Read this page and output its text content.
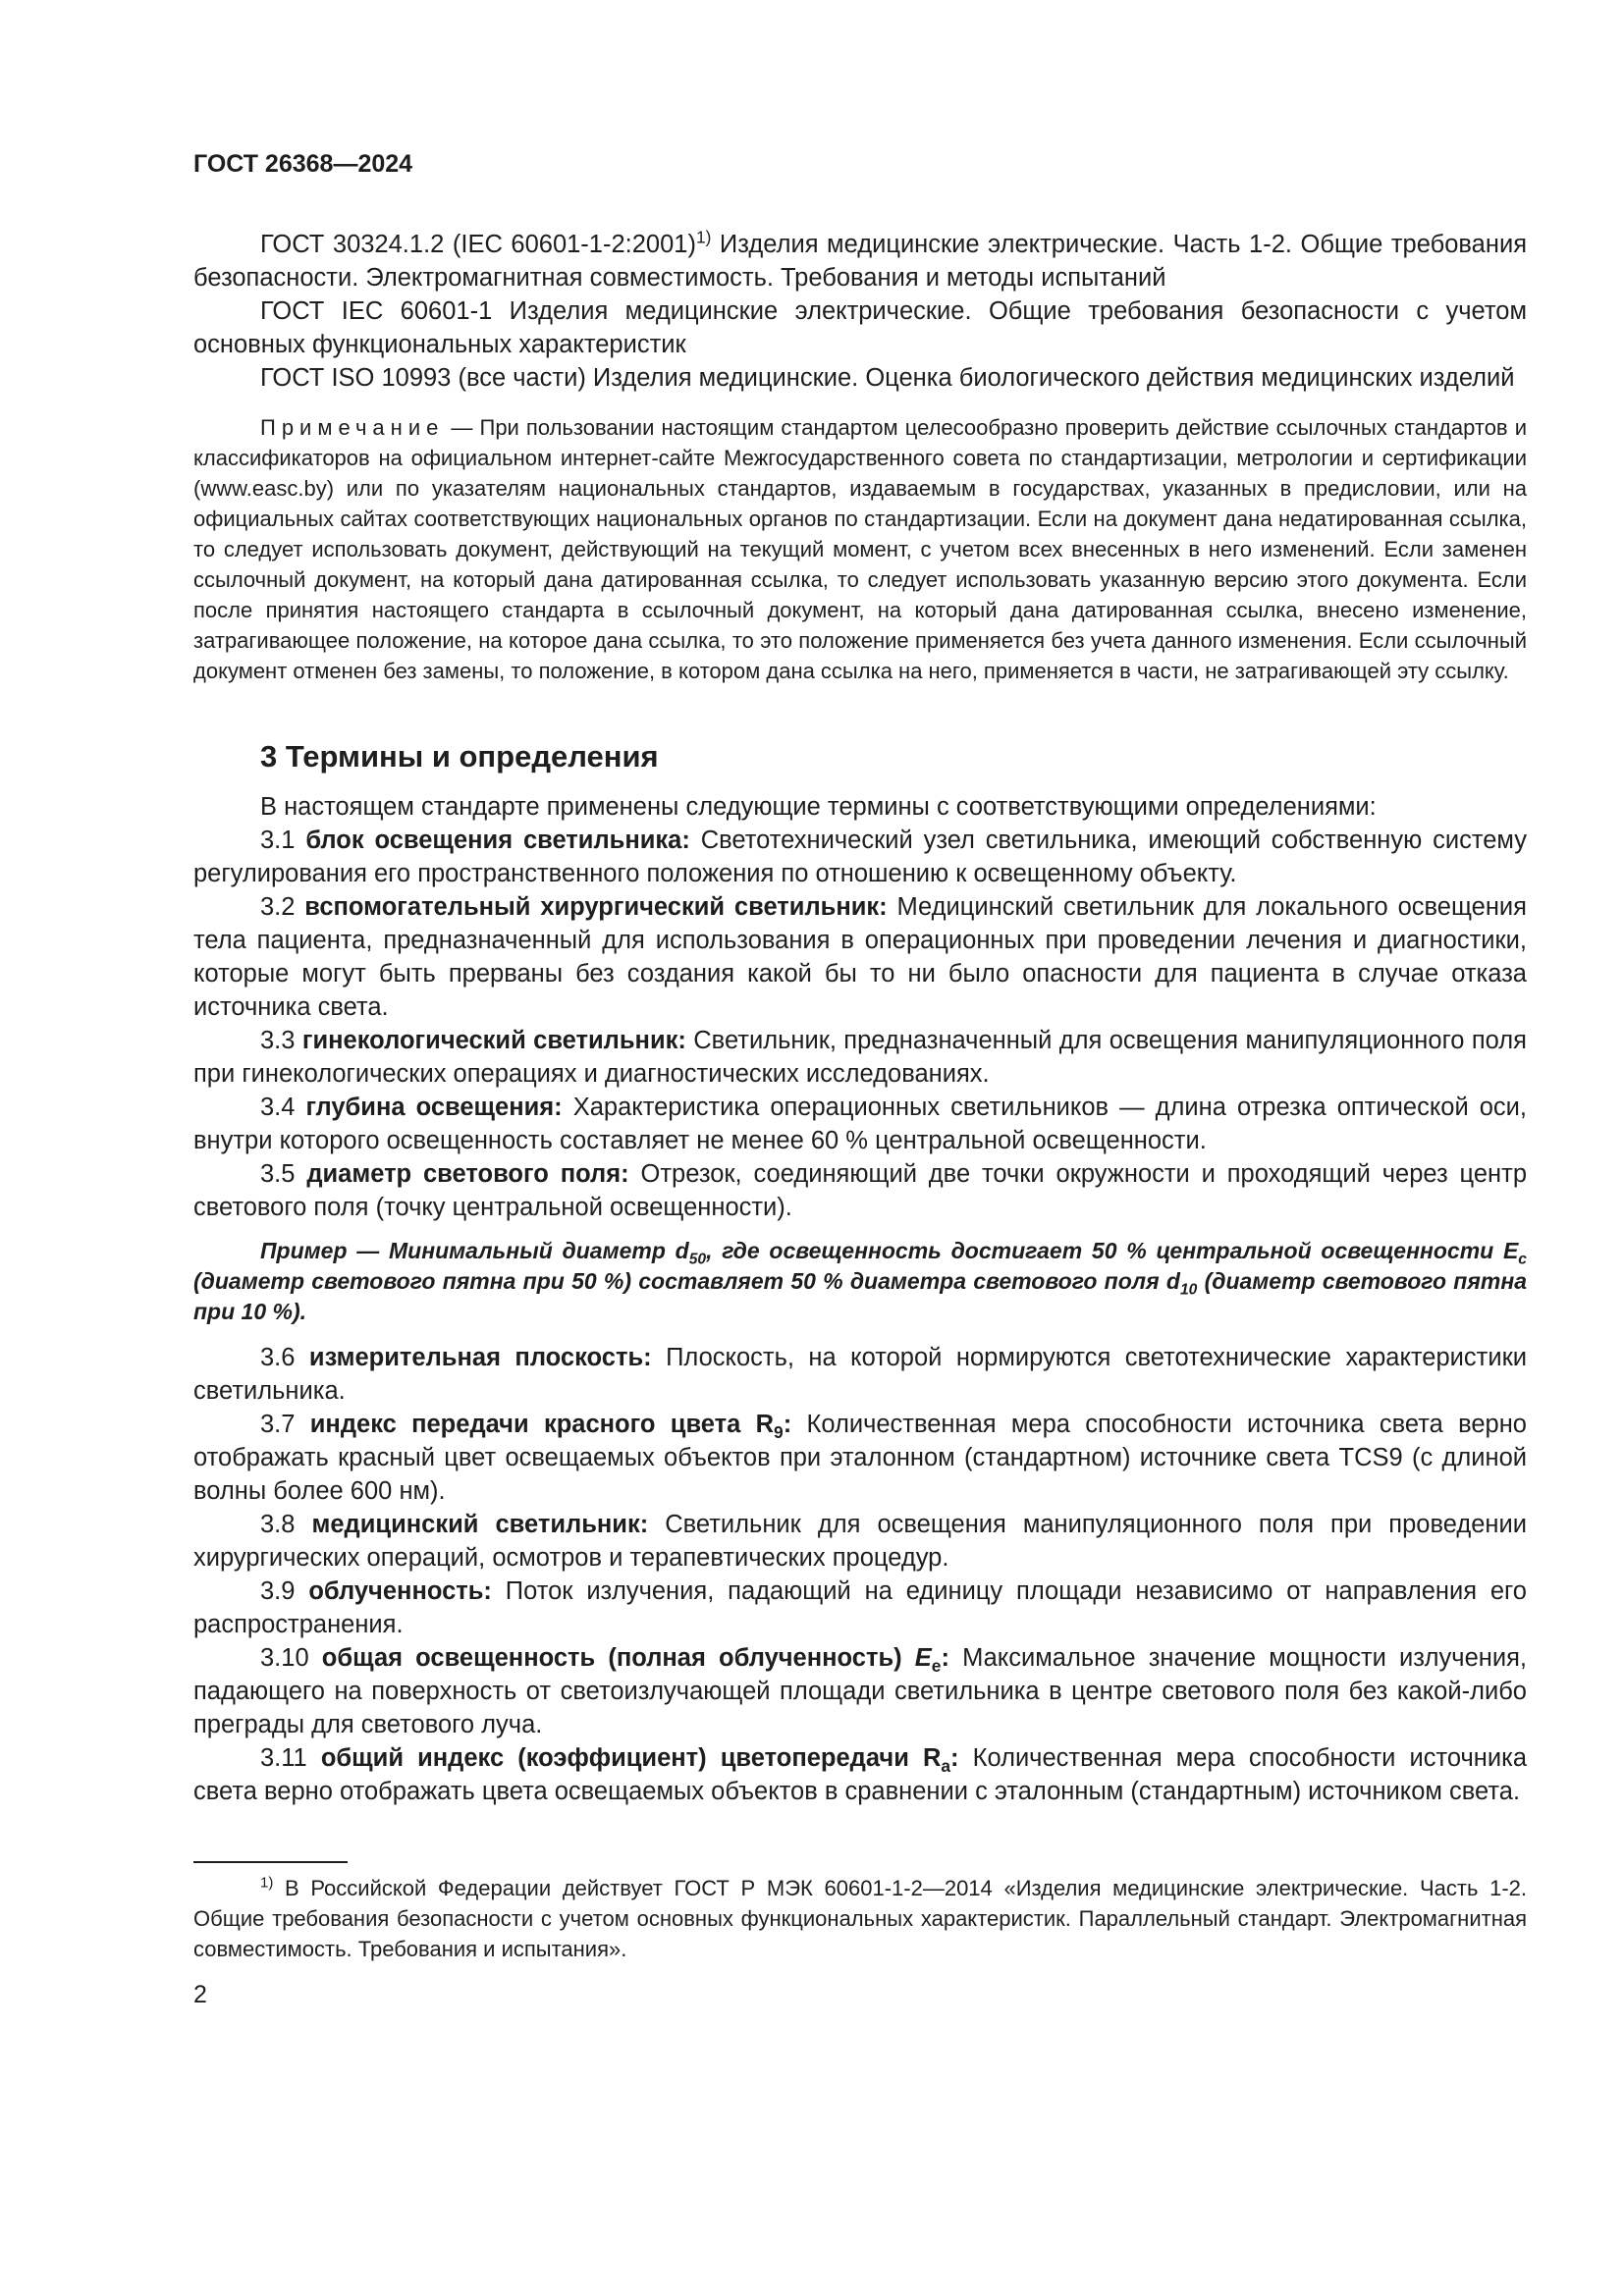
ГОСТ 26368—2024

ГОСТ 30324.1.2 (IEC 60601-1-2:2001)$^{1)}$ Изделия медицинские электрические. Часть 1-2. Общие требования безопасности. Электромагнитная совместимость. Требования и методы испытаний

ГОСТ IEC 60601-1 Изделия медицинские электрические. Общие требования безопасности с учетом основных функциональных характеристик

ГОСТ ISO 10993 (все части) Изделия медицинские. Оценка биологического действия медицинских изделий

Примечание — При пользовании настоящим стандартом целесообразно проверить действие ссылочных стандартов и классификаторов на официальном интернет-сайте Межгосударственного совета по стандартизации, метрологии и сертификации (www.easc.by) или по указателям национальных стандартов, издаваемым в государствах, указанных в предисловии, или на официальных сайтах соответствующих национальных органов по стандартизации. Если на документ дана недатированная ссылка, то следует использовать документ, действующий на текущий момент, с учетом всех внесенных в него изменений. Если заменен ссылочный документ, на который дана датированная ссылка, то следует использовать указанную версию этого документа. Если после принятия настоящего стандарта в ссылочный документ, на который дана датированная ссылка, внесено изменение, затрагивающее положение, на которое дана ссылка, то это положение применяется без учета данного изменения. Если ссылочный документ отменен без замены, то положение, в котором дана ссылка на него, применяется в части, не затрагивающей эту ссылку.

3 Термины и определения

В настоящем стандарте применены следующие термины с соответствующими определениями:

3.1 блок освещения светильника: Светотехнический узел светильника, имеющий собственную систему регулирования его пространственного положения по отношению к освещенному объекту.

3.2 вспомогательный хирургический светильник: Медицинский светильник для локального освещения тела пациента, предназначенный для использования в операционных при проведении лечения и диагностики, которые могут быть прерваны без создания какой бы то ни было опасности для пациента в случае отказа источника света.

3.3 гинекологический светильник: Светильник, предназначенный для освещения манипуляционного поля при гинекологических операциях и диагностических исследованиях.

3.4 глубина освещения: Характеристика операционных светильников — длина отрезка оптической оси, внутри которого освещенность составляет не менее 60 % центральной освещенности.

3.5 диаметр светового поля: Отрезок, соединяющий две точки окружности и проходящий через центр светового поля (точку центральной освещенности).

Пример — Минимальный диаметр $d_{50}$, где освещенность достигает 50 % центральной освещенности $E_c$ (диаметр светового пятна при 50 %) составляет 50 % диаметра светового поля $d_{10}$ (диаметр светового пятна при 10 %).

3.6 измерительная плоскость: Плоскость, на которой нормируются светотехнические характеристики светильника.

3.7 индекс передачи красного цвета $R_9$: Количественная мера способности источника света верно отображать красный цвет освещаемых объектов при эталонном (стандартном) источнике света TCS9 (с длиной волны более 600 нм).

3.8 медицинский светильник: Светильник для освещения манипуляционного поля при проведении хирургических операций, осмотров и терапевтических процедур.

3.9 облученность: Поток излучения, падающий на единицу площади независимо от направления его распространения.

3.10 общая освещенность (полная облученность) $E_e$: Максимальное значение мощности излучения, падающего на поверхность от светоизлучающей площади светильника в центре светового поля без какой-либо преграды для светового луча.

3.11 общий индекс (коэффициент) цветопередачи $R_a$: Количественная мера способности источника света верно отображать цвета освещаемых объектов в сравнении с эталонным (стандартным) источником света.

$^{1)}$ В Российской Федерации действует ГОСТ Р МЭК 60601-1-2—2014 «Изделия медицинские электрические. Часть 1-2. Общие требования безопасности с учетом основных функциональных характеристик. Параллельный стандарт. Электромагнитная совместимость. Требования и испытания».

2
